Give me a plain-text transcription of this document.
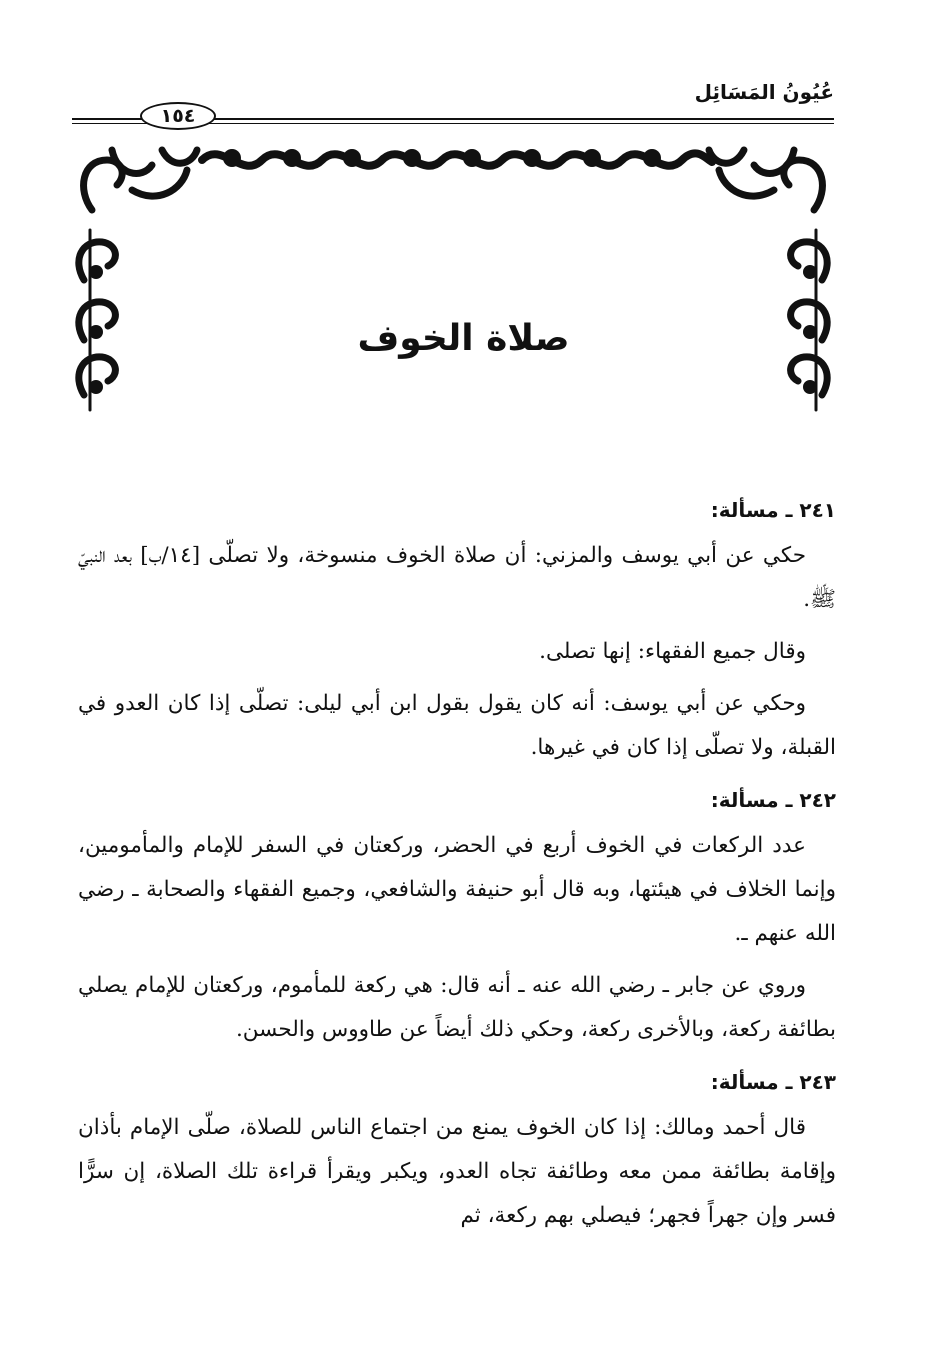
عُيُونُ المَسَائِل
١٥٤
صلاة الخوف
٢٤١ ـ مسألة:

حكي عن أبي يوسف والمزني: أن صلاة الخوف منسوخة، ولا تصلّى [١٤/ب] بعد النبيّ ﷺ.

وقال جميع الفقهاء: إنها تصلى.

وحكي عن أبي يوسف: أنه كان يقول بقول ابن أبي ليلى: تصلّى إذا كان العدو في القبلة، ولا تصلّى إذا كان في غيرها.

٢٤٢ ـ مسألة:

عدد الركعات في الخوف أربع في الحضر، وركعتان في السفر للإمام والمأمومين، وإنما الخلاف في هيئتها، وبه قال أبو حنيفة والشافعي، وجميع الفقهاء والصحابة ـ رضي الله عنهم ـ.

وروي عن جابر ـ رضي الله عنه ـ أنه قال: هي ركعة للمأموم، وركعتان للإمام يصلي بطائفة ركعة، وبالأخرى ركعة، وحكي ذلك أيضاً عن طاووس والحسن.

٢٤٣ ـ مسألة:

قال أحمد ومالك: إذا كان الخوف يمنع من اجتماع الناس للصلاة، صلّى الإمام بأذان وإقامة بطائفة ممن معه وطائفة تجاه العدو، ويكبر ويقرأ قراءة تلك الصلاة، إن سرًّا فسر وإن جهراً فجهر؛ فيصلي بهم ركعة، ثم
